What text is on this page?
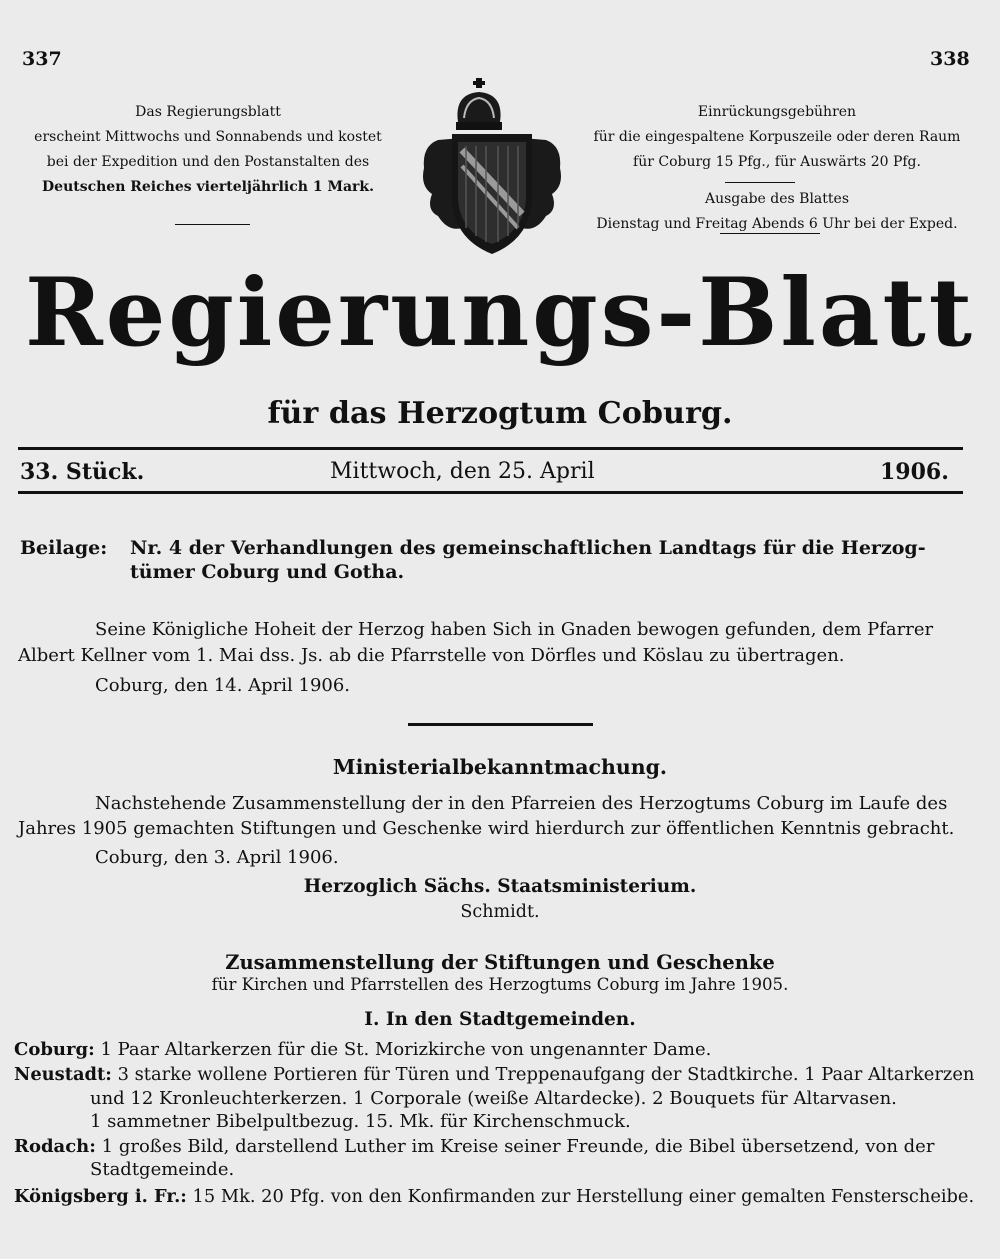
337	338
Das Regierungsblatt
erscheint Mittwochs und Sonnabends und kostet
bei der Expedition und den Postanstalten des
Deutschen Reiches vierteljährlich 1 Mark.
Einrückungsgebühren
für die eingespaltene Korpuszeile oder deren Raum
für Coburg 15 Pfg., für Auswärts 20 Pfg.
Ausgabe des Blattes
Dienstag und Freitag Abends 6 Uhr bei der Exped.
Regierungs-Blatt
für das Herzogtum Coburg.
33. Stück.	Mittwoch, den 25. April	1906.
Beilage: Nr. 4 der Verhandlungen des gemeinschaftlichen Landtags für die Herzog-
tümer Coburg und Gotha.
Seine Königliche Hoheit der Herzog haben Sich in Gnaden bewogen gefunden, dem Pfarrer
Albert Kellner vom 1. Mai dss. Js. ab die Pfarrstelle von Dörfles und Köslau zu übertragen.
Coburg, den 14. April 1906.
Ministerialbekanntmachung.
Nachstehende Zusammenstellung der in den Pfarreien des Herzogtums Coburg im Laufe des
Jahres 1905 gemachten Stiftungen und Geschenke wird hierdurch zur öffentlichen Kenntnis gebracht.
Coburg, den 3. April 1906.
Herzoglich Sächs. Staatsministerium.
Schmidt.
Zusammenstellung der Stiftungen und Geschenke
für Kirchen und Pfarrstellen des Herzogtums Coburg im Jahre 1905.
I. In den Stadtgemeinden.
Coburg: 1 Paar Altarkerzen für die St. Morizkirche von ungenannter Dame.
Neustadt: 3 starke wollene Portieren für Türen und Treppenaufgang der Stadtkirche. 1 Paar Altarkerzen
und 12 Kronleuchterkerzen. 1 Corporale (weiße Altardecke). 2 Bouquets für Altarvasen.
1 sammetner Bibelpultbezug. 15. Mk. für Kirchenschmuck.
Rodach: 1 großes Bild, darstellend Luther im Kreise seiner Freunde, die Bibel übersetzend, von der
Stadtgemeinde.
Königsberg i. Fr.: 15 Mk. 20 Pfg. von den Konfirmanden zur Herstellung einer gemalten Fensterscheibe.
